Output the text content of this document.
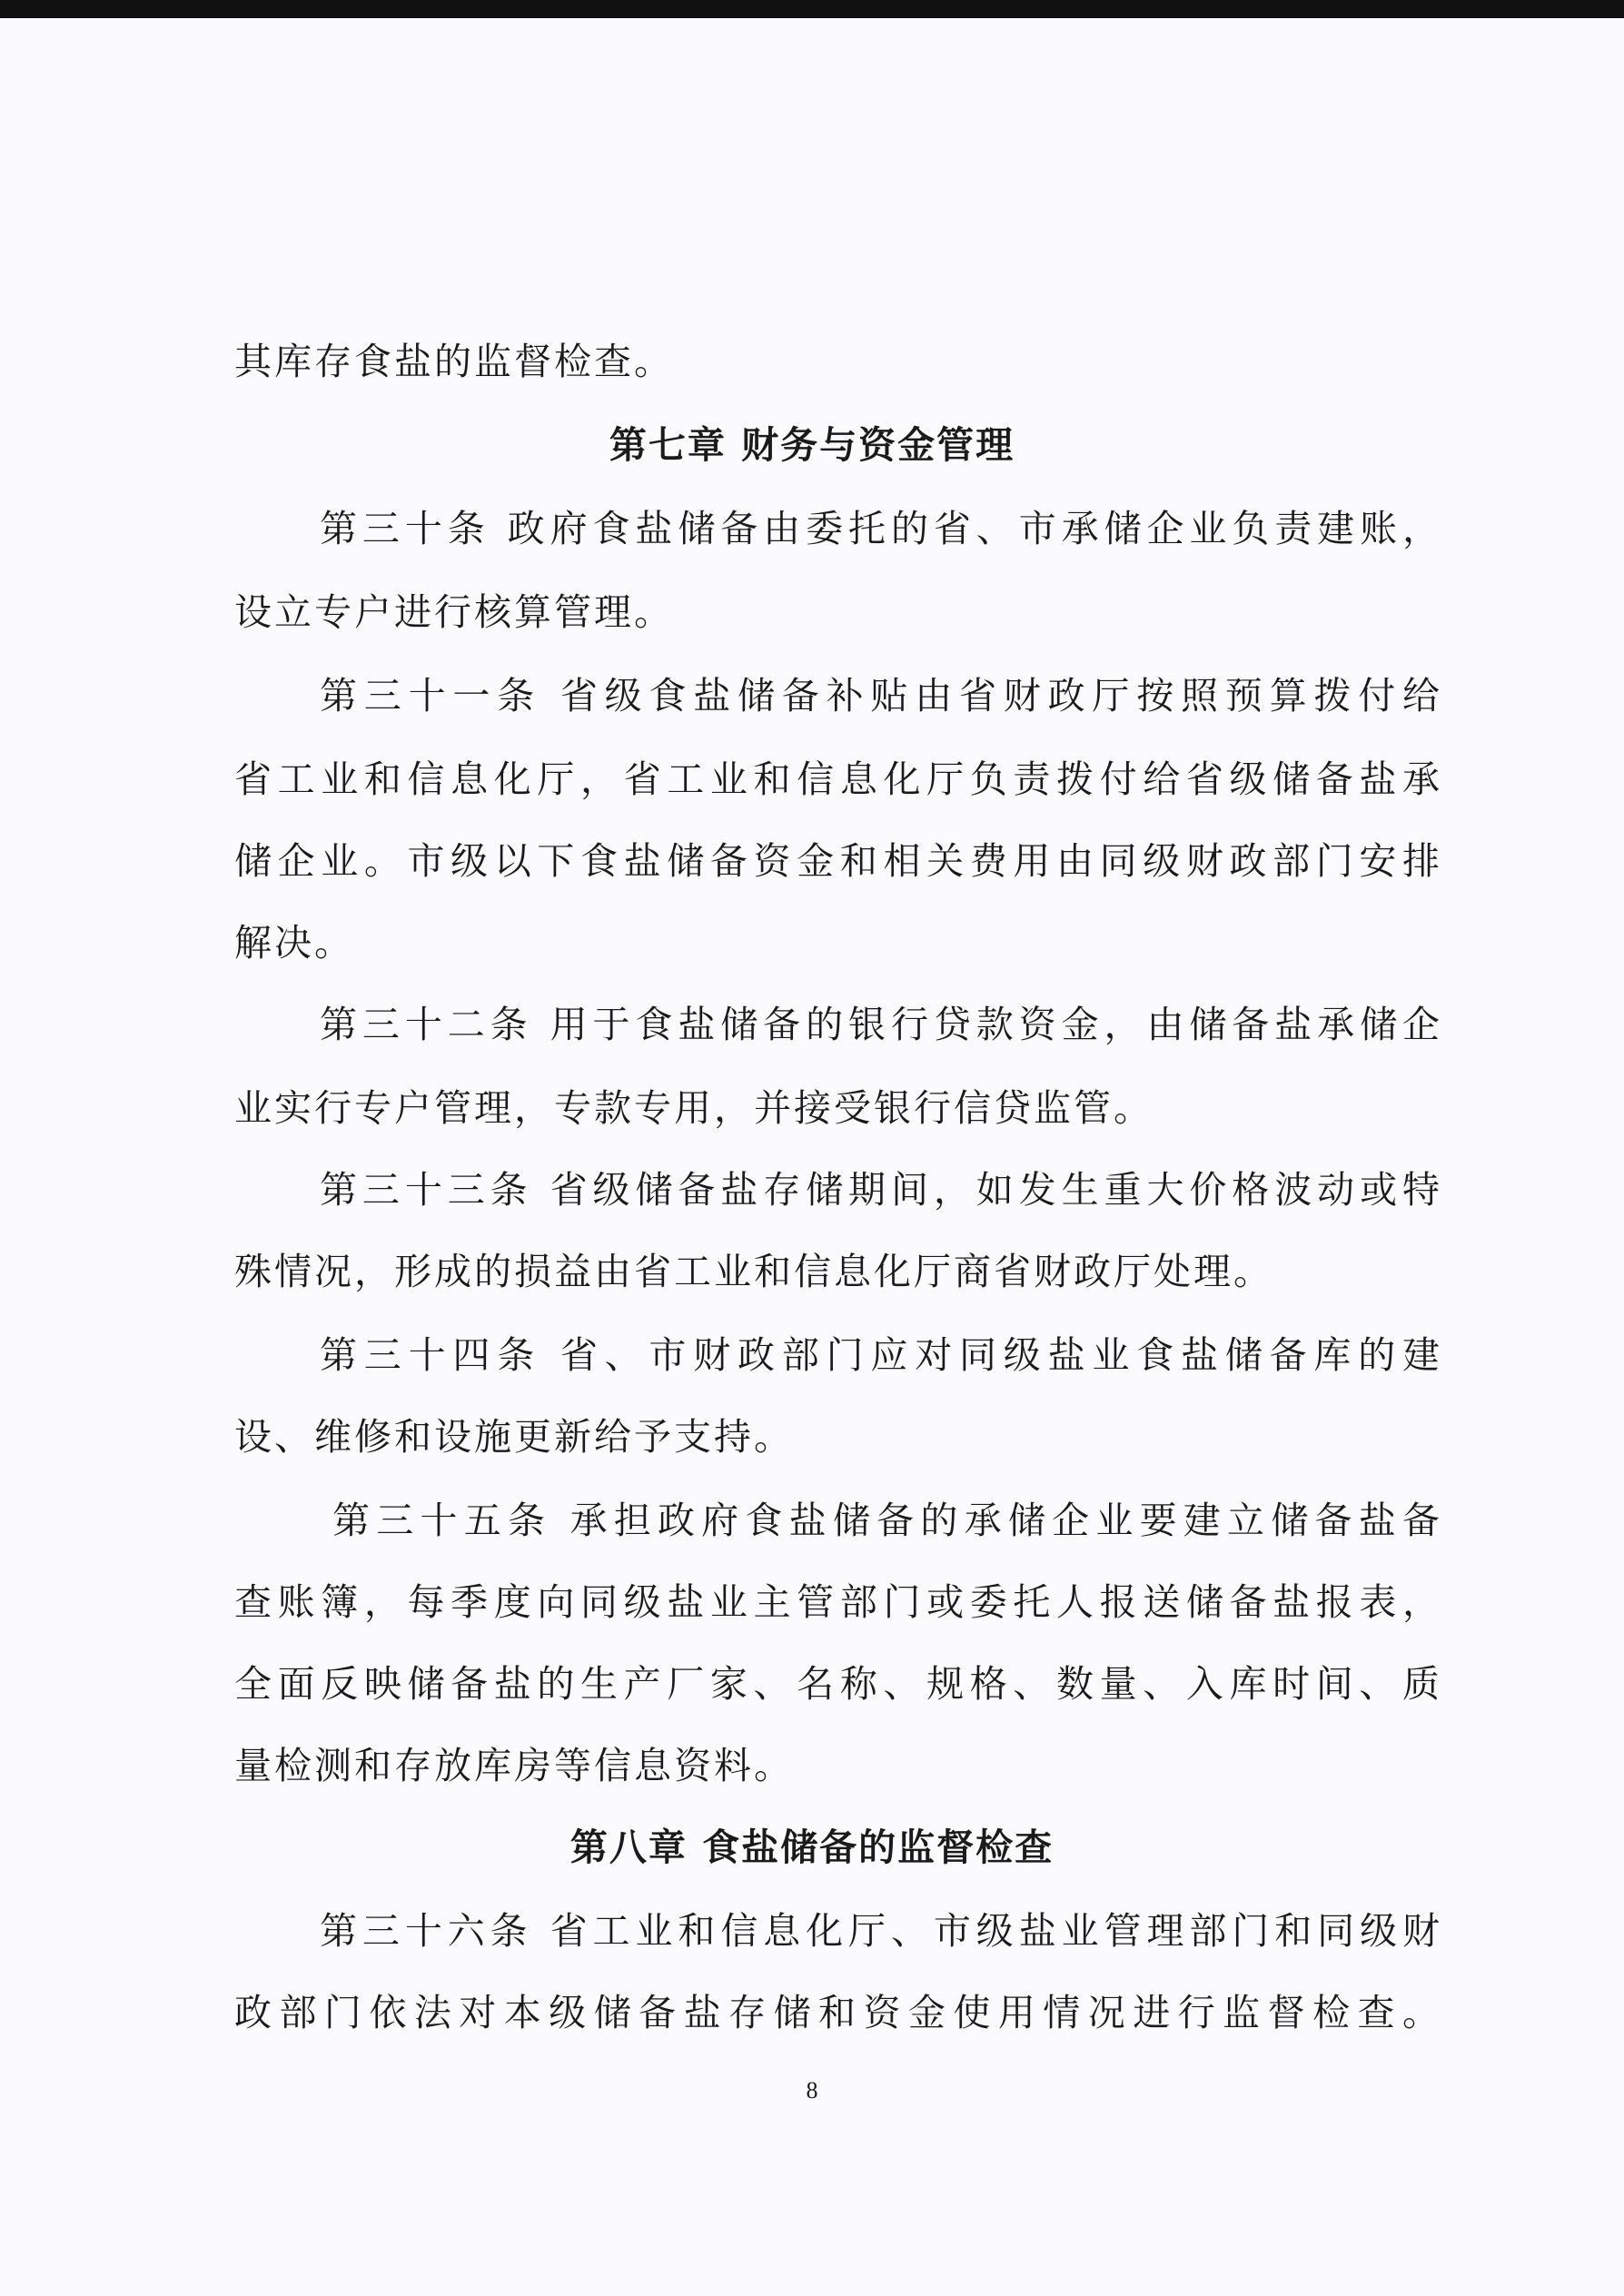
其库存食盐的监督检查。
第七章 财务与资金管理
第三十条 政府食盐储备由委托的省、市承储企业负责建账，
设立专户进行核算管理。
第三十一条 省级食盐储备补贴由省财政厅按照预算拨付给
省工业和信息化厅，省工业和信息化厅负责拨付给省级储备盐承
储企业。市级以下食盐储备资金和相关费用由同级财政部门安排
解决。
第三十二条 用于食盐储备的银行贷款资金，由储备盐承储企
业实行专户管理，专款专用，并接受银行信贷监管。
第三十三条 省级储备盐存储期间，如发生重大价格波动或特
殊情况，形成的损益由省工业和信息化厅商省财政厅处理。
第三十四条 省、市财政部门应对同级盐业食盐储备库的建
设、维修和设施更新给予支持。
第三十五条 承担政府食盐储备的承储企业要建立储备盐备
查账簿，每季度向同级盐业主管部门或委托人报送储备盐报表，
全面反映储备盐的生产厂家、名称、规格、数量、入库时间、质
量检测和存放库房等信息资料。
第八章 食盐储备的监督检查
第三十六条 省工业和信息化厅、市级盐业管理部门和同级财
政部门依法对本级储备盐存储和资金使用情况进行监督检查。
8
